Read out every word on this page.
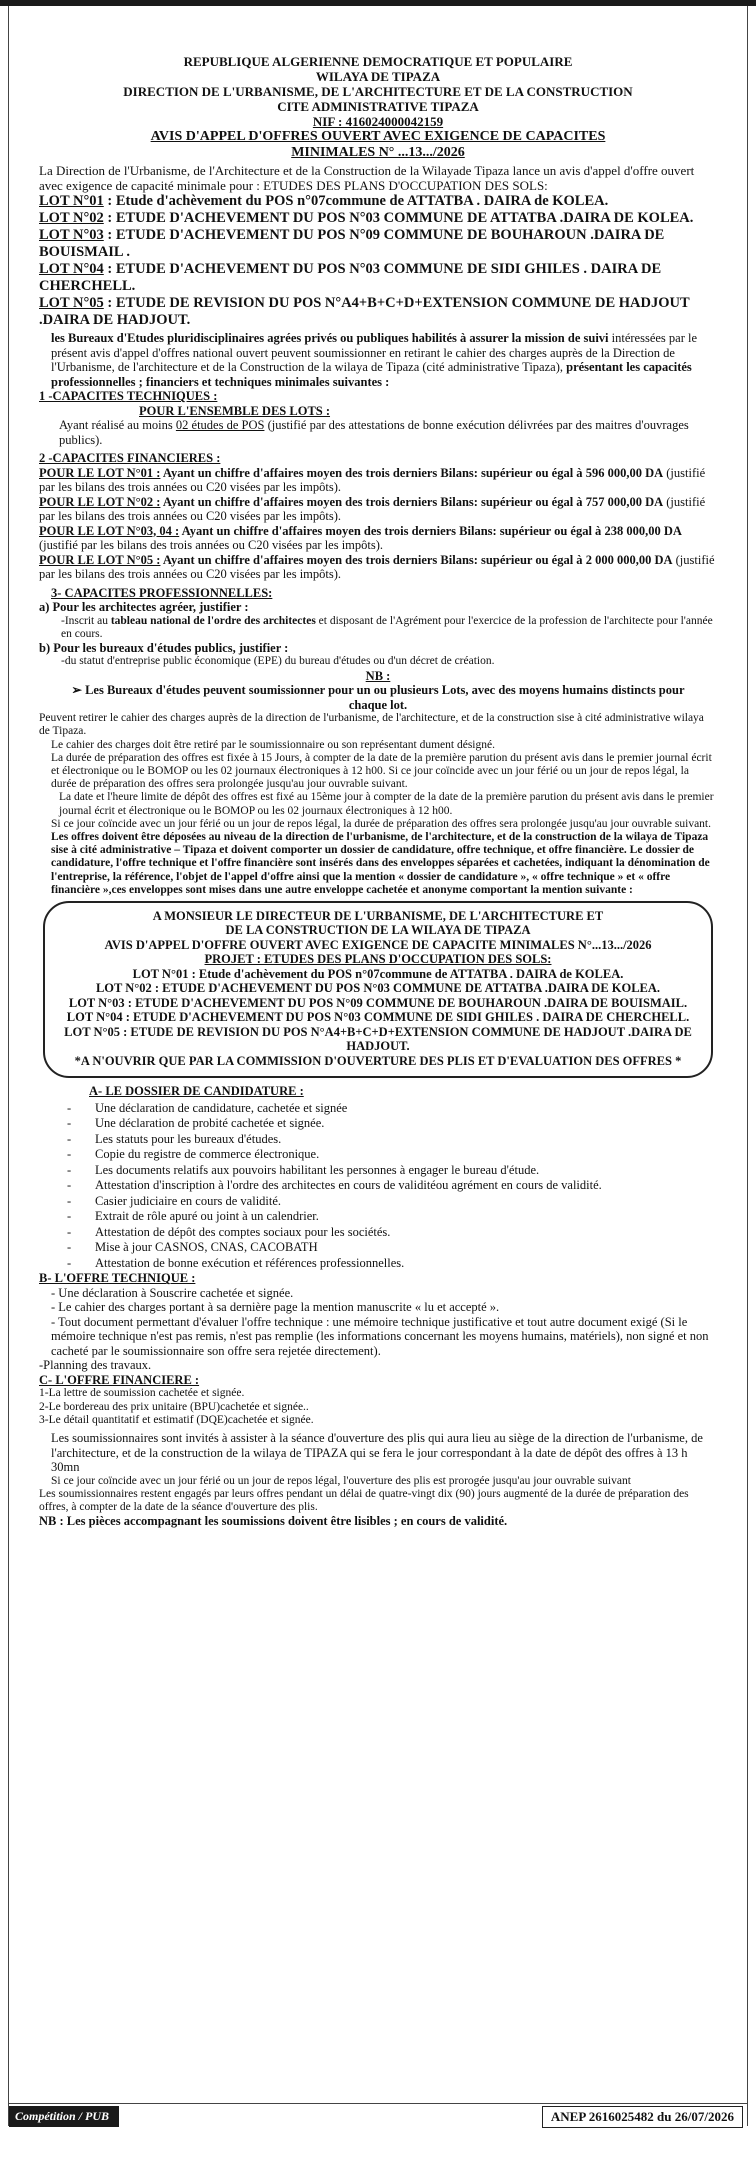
REPUBLIQUE ALGERIENNE DEMOCRATIQUE ET POPULAIRE
WILAYA DE TIPAZA
DIRECTION DE L'URBANISME, DE L'ARCHITECTURE ET DE LA CONSTRUCTION
CITE ADMINISTRATIVE TIPAZA
NIF : 416024000042159
AVIS D'APPEL D'OFFRES OUVERT AVEC EXIGENCE DE CAPACITES
MINIMALES N° ...13.../2026

La Direction de l'Urbanisme, de l'Architecture et de la Construction de la Wilayade Tipaza lance un avis d'appel d'offre ouvert avec exigence de capacité minimale pour : ETUDES DES PLANS D'OCCUPATION DES SOLS:

LOT N°01 : Etude d'achèvement du POS n°07commune de ATTATBA . DAIRA de KOLEA.

LOT N°02 : ETUDE D'ACHEVEMENT DU POS N°03 COMMUNE DE ATTATBA .DAIRA DE KOLEA.

LOT N°03 : ETUDE D'ACHEVEMENT DU POS N°09 COMMUNE DE BOUHAROUN .DAIRA DE BOUISMAIL .

LOT N°04 : ETUDE D'ACHEVEMENT DU POS N°03 COMMUNE DE SIDI GHILES . DAIRA DE CHERCHELL.

LOT N°05 : ETUDE DE REVISION DU POS N°A4+B+C+D+EXTENSION COMMUNE DE HADJOUT .DAIRA DE HADJOUT.

les Bureaux d'Etudes pluridisciplinaires agrées privés ou publiques habilités à assurer la mission de suivi intéressées par le présent avis d'appel d'offres national ouvert peuvent soumissionner en retirant le cahier des charges auprès de la Direction de l'Urbanisme, de l'architecture et de la Construction de la wilaya de Tipaza (cité administrative Tipaza), présentant les capacités professionnelles ; financiers et techniques minimales suivantes :

1 -CAPACITES TECHNIQUES :
POUR L'ENSEMBLE DES LOTS :

Ayant réalisé au moins 02 études de POS (justifié par des attestations de bonne exécution délivrées par des maitres d'ouvrages publics).

2 -CAPACITES FINANCIERES :

POUR LE LOT N°01 : Ayant un chiffre d'affaires moyen des trois derniers Bilans: supérieur ou égal à 596 000,00 DA (justifié par les bilans des trois années ou C20 visées par les impôts).

POUR LE LOT N°02 : Ayant un chiffre d'affaires moyen des trois derniers Bilans: supérieur ou égal à 757 000,00 DA (justifié par les bilans des trois années ou C20 visées par les impôts).

POUR LE LOT N°03, 04 : Ayant un chiffre d'affaires moyen des trois derniers Bilans: supérieur ou égal à 238 000,00 DA (justifié par les bilans des trois années ou C20 visées par les impôts).

POUR LE LOT N°05 : Ayant un chiffre d'affaires moyen des trois derniers Bilans: supérieur ou égal à 2 000 000,00 DA (justifié par les bilans des trois années ou C20 visées par les impôts).

3- CAPACITES PROFESSIONNELLES:
a) Pour les architectes agréer, justifier :

-Inscrit au tableau national de l'ordre des architectes et disposant de l'Agrément pour l'exercice de la profession de l'architecte pour l'année en cours.

b) Pour les bureaux d'études publics, justifier :

-du statut d'entreprise public économique (EPE) du bureau d'études ou d'un décret de création.

NB :

➢ Les Bureaux d'études peuvent soumissionner pour un ou plusieurs Lots, avec des moyens humains distincts pour chaque lot.

Peuvent retirer le cahier des charges auprès de la direction de l'urbanisme, de l'architecture, et de la construction sise à cité administrative wilaya de Tipaza.

Le cahier des charges doit être retiré par le soumissionnaire ou son représentant dument désigné.

La durée de préparation des offres est fixée à 15 Jours, à compter de la date de la première parution du présent avis dans le premier journal écrit et électronique ou le BOMOP ou les 02 journaux électroniques à 12 h00. Si ce jour coïncide avec un jour férié ou un jour de repos légal, la durée de préparation des offres sera prolongée jusqu'au jour ouvrable suivant.

La date et l'heure limite de dépôt des offres est fixé au 15ème jour à compter de la date de la première parution du présent avis dans le premier journal écrit et électronique ou le BOMOP ou les 02 journaux électroniques à 12 h00.

Si ce jour coïncide avec un jour férié ou un jour de repos légal, la durée de préparation des offres sera prolongée jusqu'au jour ouvrable suivant.

Les offres doivent être déposées au niveau de la direction de l'urbanisme, de l'architecture, et de la construction de la wilaya de Tipaza sise à cité administrative – Tipaza et doivent comporter un dossier de candidature, offre technique, et offre financière. Le dossier de candidature, l'offre technique et l'offre financière sont insérés dans des enveloppes séparées et cachetées, indiquant la dénomination de l'entreprise, la référence, l'objet de l'appel d'offre ainsi que la mention « dossier de candidature », « offre technique » et « offre financière »,ces enveloppes sont mises dans une autre enveloppe cachetée et anonyme comportant la mention suivante :

A MONSIEUR LE DIRECTEUR DE L'URBANISME, DE L'ARCHITECTURE ET
DE LA CONSTRUCTION DE LA WILAYA DE TIPAZA
AVIS D'APPEL D'OFFRE OUVERT AVEC EXIGENCE DE CAPACITE MINIMALES N°...13.../2026
PROJET : ETUDES DES PLANS D'OCCUPATION DES SOLS:
LOT N°01 : Etude d'achèvement du POS n°07commune de ATTATBA . DAIRA de KOLEA.
LOT N°02 : ETUDE D'ACHEVEMENT DU POS N°03 COMMUNE DE ATTATBA .DAIRA DE KOLEA.
LOT N°03 : ETUDE D'ACHEVEMENT DU POS N°09 COMMUNE DE BOUHAROUN .DAIRA DE BOUISMAIL.
LOT N°04 : ETUDE D'ACHEVEMENT DU POS N°03 COMMUNE DE SIDI GHILES . DAIRA DE CHERCHELL.
LOT N°05 : ETUDE DE REVISION DU POS N°A4+B+C+D+EXTENSION COMMUNE DE HADJOUT .DAIRA DE HADJOUT.
*A N'OUVRIR QUE PAR LA COMMISSION D'OUVERTURE DES PLIS ET D'EVALUATION DES OFFRES *
A- LE DOSSIER DE CANDIDATURE :
- Une déclaration de candidature, cachetée et signée
- Une déclaration de probité cachetée et signée.
- Les statuts pour les bureaux d'études.
- Copie du registre de commerce électronique.
- Les documents relatifs aux pouvoirs habilitant les personnes à engager le bureau d'étude.
- Attestation d'inscription à l'ordre des architectes en cours de validitéou agrément en cours de validité.
- Casier judiciaire en cours de validité.
- Extrait de rôle apuré ou joint à un calendrier.
- Attestation de dépôt des comptes sociaux pour les sociétés.
- Mise à jour CASNOS, CNAS, CACOBATH
- Attestation de bonne exécution et références professionnelles.
B- L'OFFRE TECHNIQUE :

- Une déclaration à Souscrire cachetée et signée.

- Le cahier des charges portant à sa dernière page la mention manuscrite « lu et accepté ».

- Tout document permettant d'évaluer l'offre technique : une mémoire technique justificative et tout autre document exigé (Si le mémoire technique n'est pas remis, n'est pas remplie (les informations concernant les moyens humains, matériels), non signé et non cacheté par le soumissionnaire son offre sera rejetée directement).

-Planning des travaux.

C- L'OFFRE FINANCIERE :

1-La lettre de soumission cachetée et signée.

2-Le bordereau des prix unitaire (BPU)cachetée et signée..

3-Le détail quantitatif et estimatif (DQE)cachetée et signée.

Les soumissionnaires sont invités à assister à la séance d'ouverture des plis qui aura lieu au siège de la direction de l'urbanisme, de l'architecture, et de la construction de la wilaya de TIPAZA qui se fera le jour correspondant à la date de dépôt des offres à 13 h 30mn

Si ce jour coïncide avec un jour férié ou un jour de repos légal, l'ouverture des plis est prorogée jusqu'au jour ouvrable suivant

Les soumissionnaires restent engagés par leurs offres pendant un délai de quatre-vingt dix (90) jours augmenté de la durée de préparation des offres, à compter de la date de la séance d'ouverture des plis.

NB : Les pièces accompagnant les soumissions doivent être lisibles ; en cours de validité.

Compétition / PUB	ANEP 2616025482 du 26/07/2026
